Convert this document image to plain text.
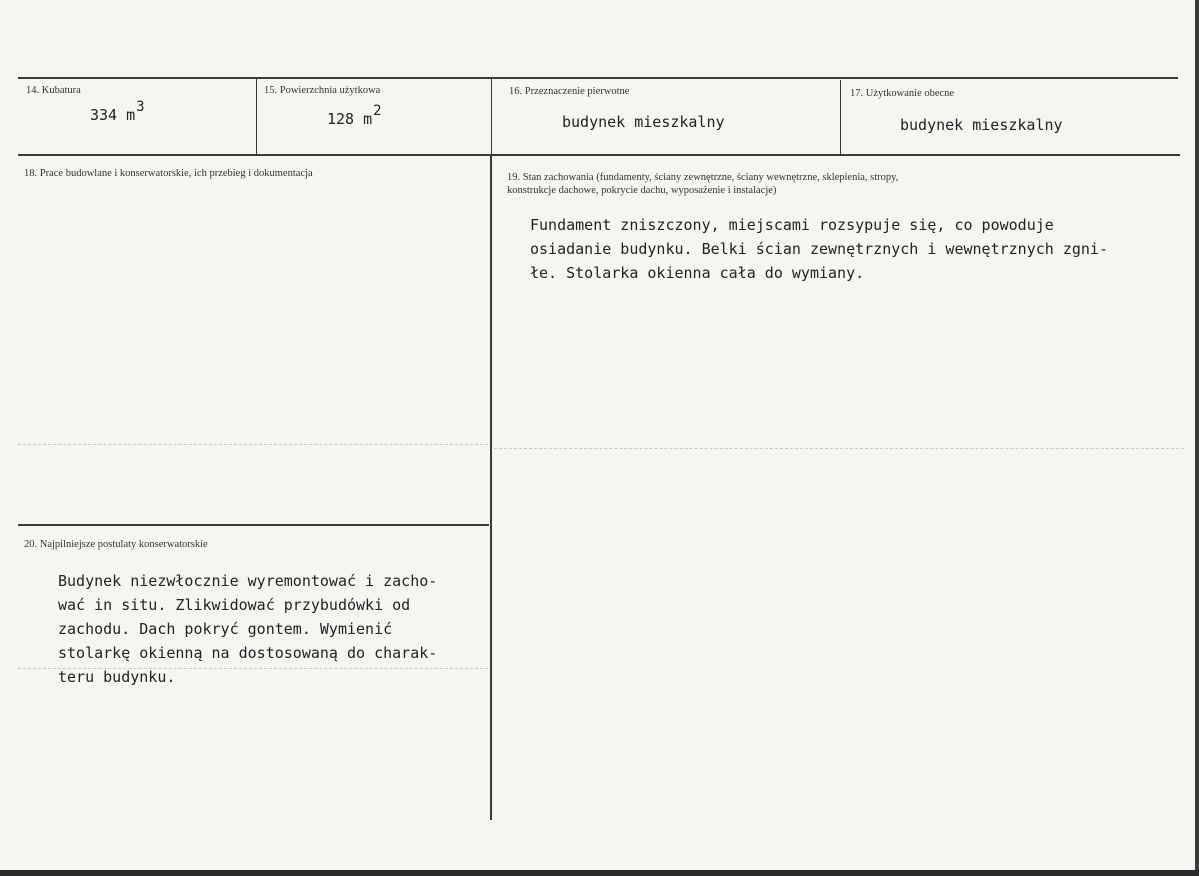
14. Kubatura
334 m3
15. Powierzchnia użytkowa
128 m2
16. Przeznaczenie pierwotne
budynek mieszkalny
17. Użytkowanie obecne
budynek mieszkalny
18. Prace budowlane i konserwatorskie, ich przebieg i dokumentacja	19. Stan zachowania (fundamenty, ściany zewnętrzne, ściany wewnętrzne, sklepienia, stropy,
konstrukcje dachowe, pokrycie dachu, wyposażenie i instalacje)
Fundament zniszczony, miejscami rozsypuje się, co powoduje
osiadanie budynku. Belki ścian zewnętrznych i wewnętrznych zgni-
łe. Stolarka okienna cała do wymiany.
20. Najpilniejsze postulaty konserwatorskie
Budynek niezwłocznie wyremontować i zacho-
wać in situ. Zlikwidować przybudówki od
zachodu. Dach pokryć gontem. Wymienić
stolarkę okienną na dostosowaną do charak-
teru budynku.
